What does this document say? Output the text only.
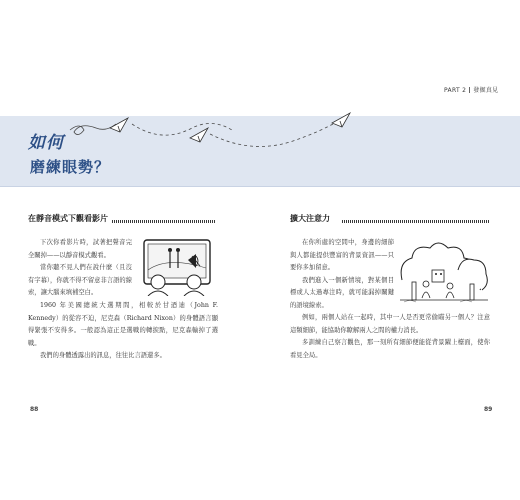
PART 2 發掘真見
如何
磨練眼勢？
在靜音模式下觀看影片

下次你看影片時，試著把聲音完全關掉——以靜音模式觀看。

當你聽不見人們在說什麼（且沒有字幕），你就不得不留意非言語的線索，讓大腦來填補空白。

1960 年美國總統大選期間，相較於甘迺迪（John F. Kennedy）的從容不迫，尼克森（Richard Nixon）的身體語言顯得緊張不安得多。一般認為這正是選戰的轉捩點，尼克森輸掉了選戰。

我們的身體透露出的訊息，往往比言語還多。

88
擴大注意力

在你所處的空間中，身邊的細節與人都能提供豐富的背景資訊——只要你多加留意。

我們進入一個新情境，對某個目標或人太過專注時，就可能漏掉關鍵的語境線索。

例如，兩個人站在一起時，其中一人是否更常偷瞄另一個人？注意這類細節，能協助你瞭解兩人之間的權力消長。

多訓練自己察言觀色，那一刻所有細節便能從背景躍上檯面，使你看見全局。

89
